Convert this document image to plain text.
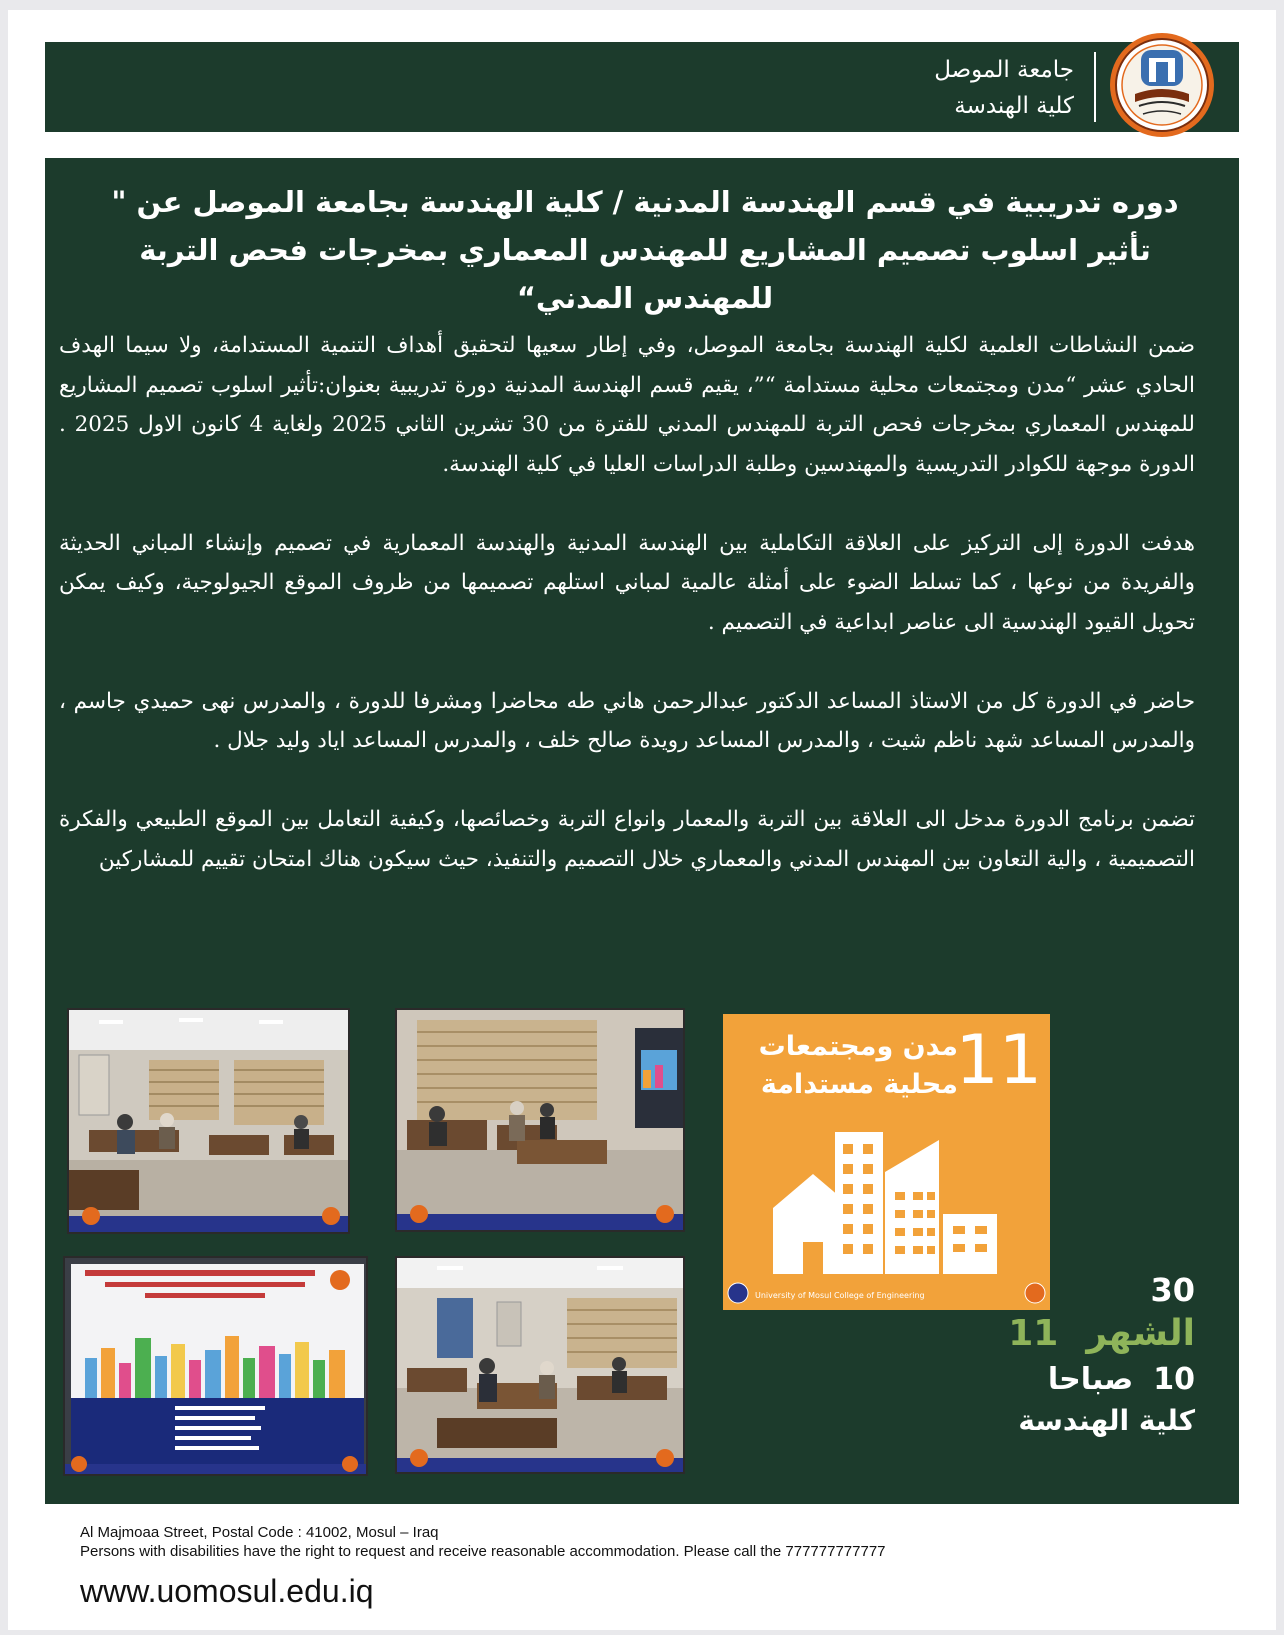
جامعة الموصل
كلية الهندسة
دوره تدريبية في قسم الهندسة المدنية / كلية الهندسة بجامعة الموصل عن " تأثير اسلوب تصميم المشاريع للمهندس المعماري بمخرجات فحص التربة للمهندس المدني“

ضمن النشاطات العلمية لكلية الهندسة بجامعة الموصل، وفي إطار سعيها لتحقيق أهداف التنمية المستدامة، ولا سيما الهدف الحادي عشر “مدن ومجتمعات محلية مستدامة “”، يقيم قسم الهندسة المدنية دورة تدريبية بعنوان:تأثير اسلوب تصميم المشاريع للمهندس المعماري بمخرجات فحص التربة للمهندس المدني للفترة من 30 تشرين الثاني 2025 ولغاية 4 كانون الاول 2025 . الدورة موجهة للكوادر التدريسية والمهندسين وطلبة الدراسات العليا في كلية الهندسة.

هدفت الدورة إلى التركيز على العلاقة التكاملية بين الهندسة المدنية والهندسة المعمارية في تصميم وإنشاء المباني الحديثة والفريدة من نوعها ، كما تسلط الضوء على أمثلة عالمية لمباني استلهم تصميمها من ظروف الموقع الجيولوجية، وكيف يمكن تحويل القيود الهندسية الى عناصر ابداعية في التصميم .

حاضر في الدورة كل من الاستاذ المساعد الدكتور عبدالرحمن هاني طه محاضرا ومشرفا للدورة ، والمدرس نهى حميدي جاسم ، والمدرس المساعد شهد ناظم شيت ، والمدرس المساعد رويدة صالح خلف ، والمدرس المساعد اياد وليد جلال .

تضمن برنامج الدورة مدخل الى العلاقة بين التربة والمعمار وانواع التربة وخصائصها، وكيفية التعامل بين الموقع الطبيعي والفكرة التصميمية ، والية التعاون بين المهندس المدني والمعماري خلال التصميم والتنفيذ، حيث سيكون هناك امتحان تقييم للمشاركين

11
مدن ومجتمعات محلية مستدامة
University of Mosul College of Engineering	30
الشهر11
10صباحا
كلية الهندسة
Al Majmoaa Street, Postal Code : 41002, Mosul – Iraq
Persons with disabilities have the right to request and receive reasonable accommodation. Please call the 777777777777
www.uomosul.edu.iq
